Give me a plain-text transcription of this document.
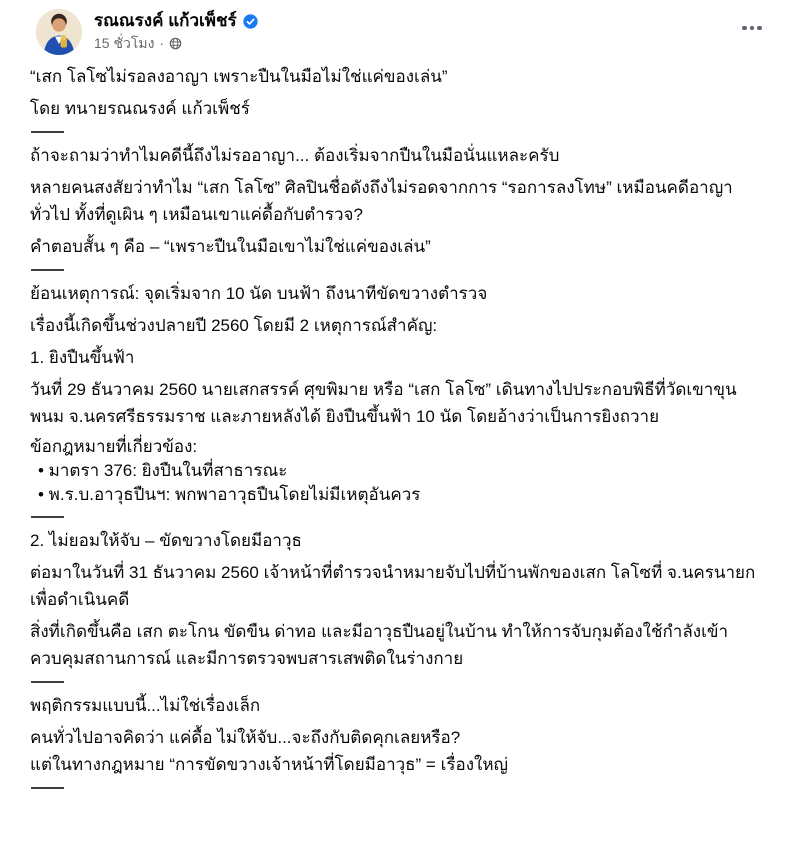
รณณรงค์ แก้วเพ็ชร์
15 ชั่วโมง ·

“เสก โลโซไม่รอลงอาญา เพราะปืนในมือไม่ใช่แค่ของเล่น”

โดย ทนายรณณรงค์ แก้วเพ็ชร์

ถ้าจะถามว่าทำไมคดีนี้ถึงไม่รออาญา... ต้องเริ่มจากปืนในมือนั่นแหละครับ

หลายคนสงสัยว่าทำไม “เสก โลโซ” ศิลปินชื่อดังถึงไม่รอดจากการ “รอการลงโทษ” เหมือนคดีอาญาทั่วไป ทั้งที่ดูเผิน ๆ เหมือนเขาแค่ดื้อกับตำรวจ?

คำตอบสั้น ๆ คือ – “เพราะปืนในมือเขาไม่ใช่แค่ของเล่น”

ย้อนเหตุการณ์: จุดเริ่มจาก 10 นัด บนฟ้า ถึงนาทีขัดขวางตำรวจ

เรื่องนี้เกิดขึ้นช่วงปลายปี 2560 โดยมี 2 เหตุการณ์สำคัญ:

1. ยิงปืนขึ้นฟ้า

วันที่ 29 ธันวาคม 2560 นายเสกสรรค์ ศุขพิมาย หรือ “เสก โลโซ” เดินทางไปประกอบพิธีที่วัดเขาขุนพนม จ.นครศรีธรรมราช และภายหลังได้ ยิงปืนขึ้นฟ้า 10 นัด โดยอ้างว่าเป็นการยิงถวาย

ข้อกฎหมายที่เกี่ยวข้อง:
• มาตรา 376: ยิงปืนในที่สาธารณะ
• พ.ร.บ.อาวุธปืนฯ: พกพาอาวุธปืนโดยไม่มีเหตุอันควร

2. ไม่ยอมให้จับ – ขัดขวางโดยมีอาวุธ

ต่อมาในวันที่ 31 ธันวาคม 2560 เจ้าหน้าที่ตำรวจนำหมายจับไปที่บ้านพักของเสก โลโซที่ จ.นครนายก เพื่อดำเนินคดี

สิ่งที่เกิดขึ้นคือ เสก ตะโกน ขัดขืน ด่าทอ และมีอาวุธปืนอยู่ในบ้าน ทำให้การจับกุมต้องใช้กำลังเข้าควบคุมสถานการณ์ และมีการตรวจพบสารเสพติดในร่างกาย

พฤติกรรมแบบนี้...ไม่ใช่เรื่องเล็ก

คนทั่วไปอาจคิดว่า แค่ดื้อ ไม่ให้จับ...จะถึงกับติดคุกเลยหรือ?
แต่ในทางกฎหมาย “การขัดขวางเจ้าหน้าที่โดยมีอาวุธ” = เรื่องใหญ่
